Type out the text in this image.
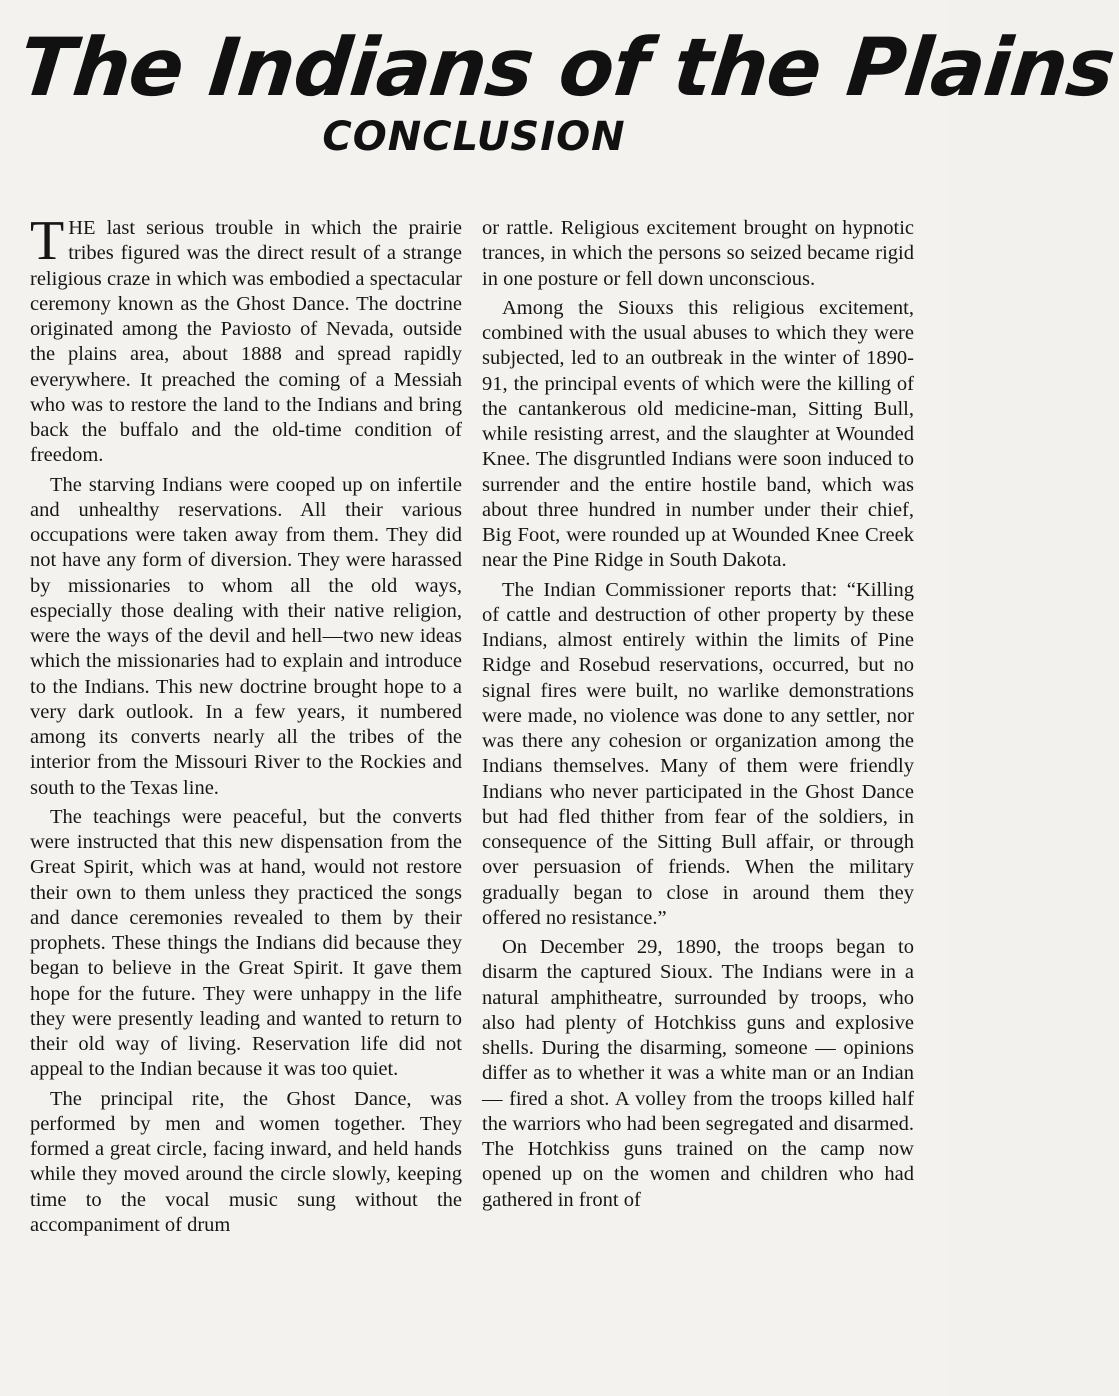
The Indians of the Plains
CONCLUSION

THE last serious trouble in which the prairie tribes figured was the direct result of a strange religious craze in which was embodied a spectacular ceremony known as the Ghost Dance. The doctrine originated among the Paviosto of Nevada, outside the plains area, about 1888 and spread rapidly everywhere. It preached the coming of a Messiah who was to restore the land to the Indians and bring back the buffalo and the old-time condition of freedom.

The starving Indians were cooped up on infertile and unhealthy reservations. All their various occupations were taken away from them. They did not have any form of diversion. They were harassed by missionaries to whom all the old ways, especially those dealing with their native religion, were the ways of the devil and hell—two new ideas which the missionaries had to explain and introduce to the Indians. This new doctrine brought hope to a very dark outlook. In a few years, it numbered among its converts nearly all the tribes of the interior from the Missouri River to the Rockies and south to the Texas line.

The teachings were peaceful, but the converts were instructed that this new dispensation from the Great Spirit, which was at hand, would not restore their own to them unless they practiced the songs and dance ceremonies revealed to them by their prophets. These things the Indians did because they began to believe in the Great Spirit. It gave them hope for the future. They were unhappy in the life they were presently leading and wanted to return to their old way of living. Reservation life did not appeal to the Indian because it was too quiet.

The principal rite, the Ghost Dance, was performed by men and women together. They formed a great circle, facing inward, and held hands while they moved around the circle slowly, keeping time to the vocal music sung without the accompaniment of drum

or rattle. Religious excitement brought on hypnotic trances, in which the persons so seized became rigid in one posture or fell down unconscious.

Among the Siouxs this religious excitement, combined with the usual abuses to which they were subjected, led to an outbreak in the winter of 1890-91, the principal events of which were the killing of the cantankerous old medicine-man, Sitting Bull, while resisting arrest, and the slaughter at Wounded Knee. The disgruntled Indians were soon induced to surrender and the entire hostile band, which was about three hundred in number under their chief, Big Foot, were rounded up at Wounded Knee Creek near the Pine Ridge in South Dakota.

The Indian Commissioner reports that: “Killing of cattle and destruction of other property by these Indians, almost entirely within the limits of Pine Ridge and Rosebud reservations, occurred, but no signal fires were built, no warlike demonstrations were made, no violence was done to any settler, nor was there any cohesion or organization among the Indians themselves. Many of them were friendly Indians who never participated in the Ghost Dance but had fled thither from fear of the soldiers, in consequence of the Sitting Bull affair, or through over persuasion of friends. When the military gradually began to close in around them they offered no resistance.”

On December 29, 1890, the troops began to disarm the captured Sioux. The Indians were in a natural amphitheatre, surrounded by troops, who also had plenty of Hotchkiss guns and explosive shells. During the disarming, someone — opinions differ as to whether it was a white man or an Indian— fired a shot. A volley from the troops killed half the warriors who had been segregated and disarmed. The Hotchkiss guns trained on the camp now opened up on the women and children who had gathered in front of
